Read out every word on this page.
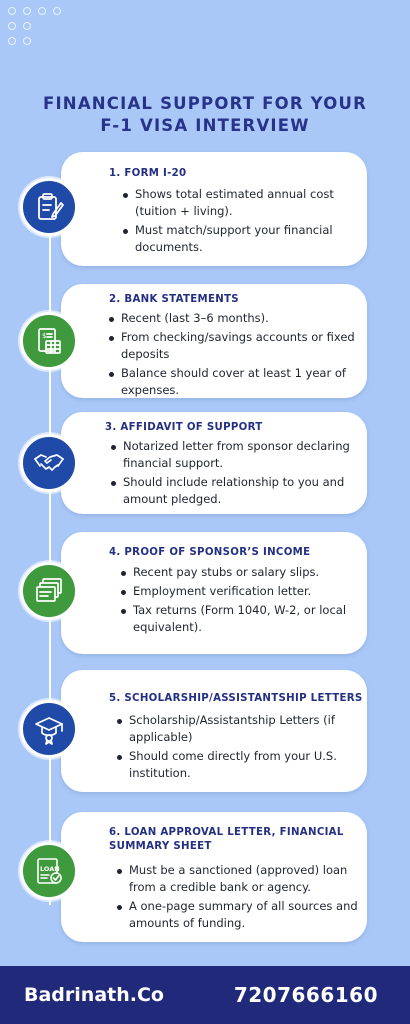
FINANCIAL SUPPORT FOR YOUR
F-1 VISA INTERVIEW
1. FORM I-20
Shows total estimated annual cost (tuition + living).
Must match/support your financial documents.
2. BANK STATEMENTS
Recent (last 3–6 months).
From checking/savings accounts or fixed deposits
Balance should cover at least 1 year of expenses.
3. AFFIDAVIT OF SUPPORT
Notarized letter from sponsor declaring financial support.
Should include relationship to you and amount pledged.
4. PROOF OF SPONSOR’S INCOME
Recent pay stubs or salary slips.
Employment verification letter.
Tax returns (Form 1040, W-2, or local equivalent).
5. SCHOLARSHIP/ASSISTANTSHIP LETTERS
Scholarship/Assistantship Letters (if applicable)
Should come directly from your U.S. institution.
6. LOAN APPROVAL LETTER, FINANCIAL
SUMMARY SHEET
Must be a sanctioned (approved) loan from a credible bank or agency.
A one-page summary of all sources and amounts of funding.
$
LOAN
Badrinath.Co	7207666160
